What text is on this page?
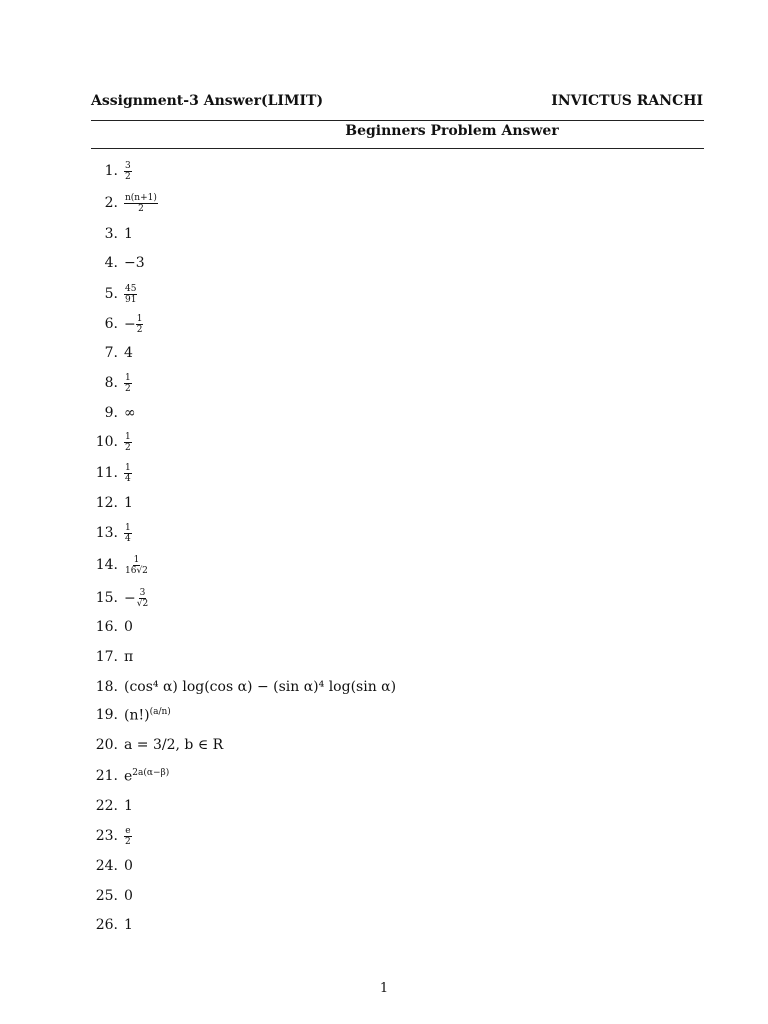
Assignment-3 Answer(LIMIT)	INVICTUS RANCHI
Beginners Problem Answer
1. $\frac{3}{2}$
2. $\frac{n(n+1)}{2}$
3. 1
4. −3
5. $\frac{45}{91}$
6. − $\frac{1}{2}$
7. 4
8. $\frac{1}{2}$
9. ∞
10. $\frac{1}{2}$
11. $\frac{1}{4}$
12. 1
13. $\frac{1}{4}$
14. $\frac{1}{16√2}$
15. − $\frac{3}{√2}$
16. 0
17. π
18. (cos⁴ α) log(cos α) − (sin α)⁴ log(sin α)
19. $(n!)^{(a/n)}$
20. a = 3/2, b ∈ R
21. $e^{2a(\alpha-\beta)}$
22. 1
23. $\frac{e}{2}$
24. 0
25. 0
26. 1
1
